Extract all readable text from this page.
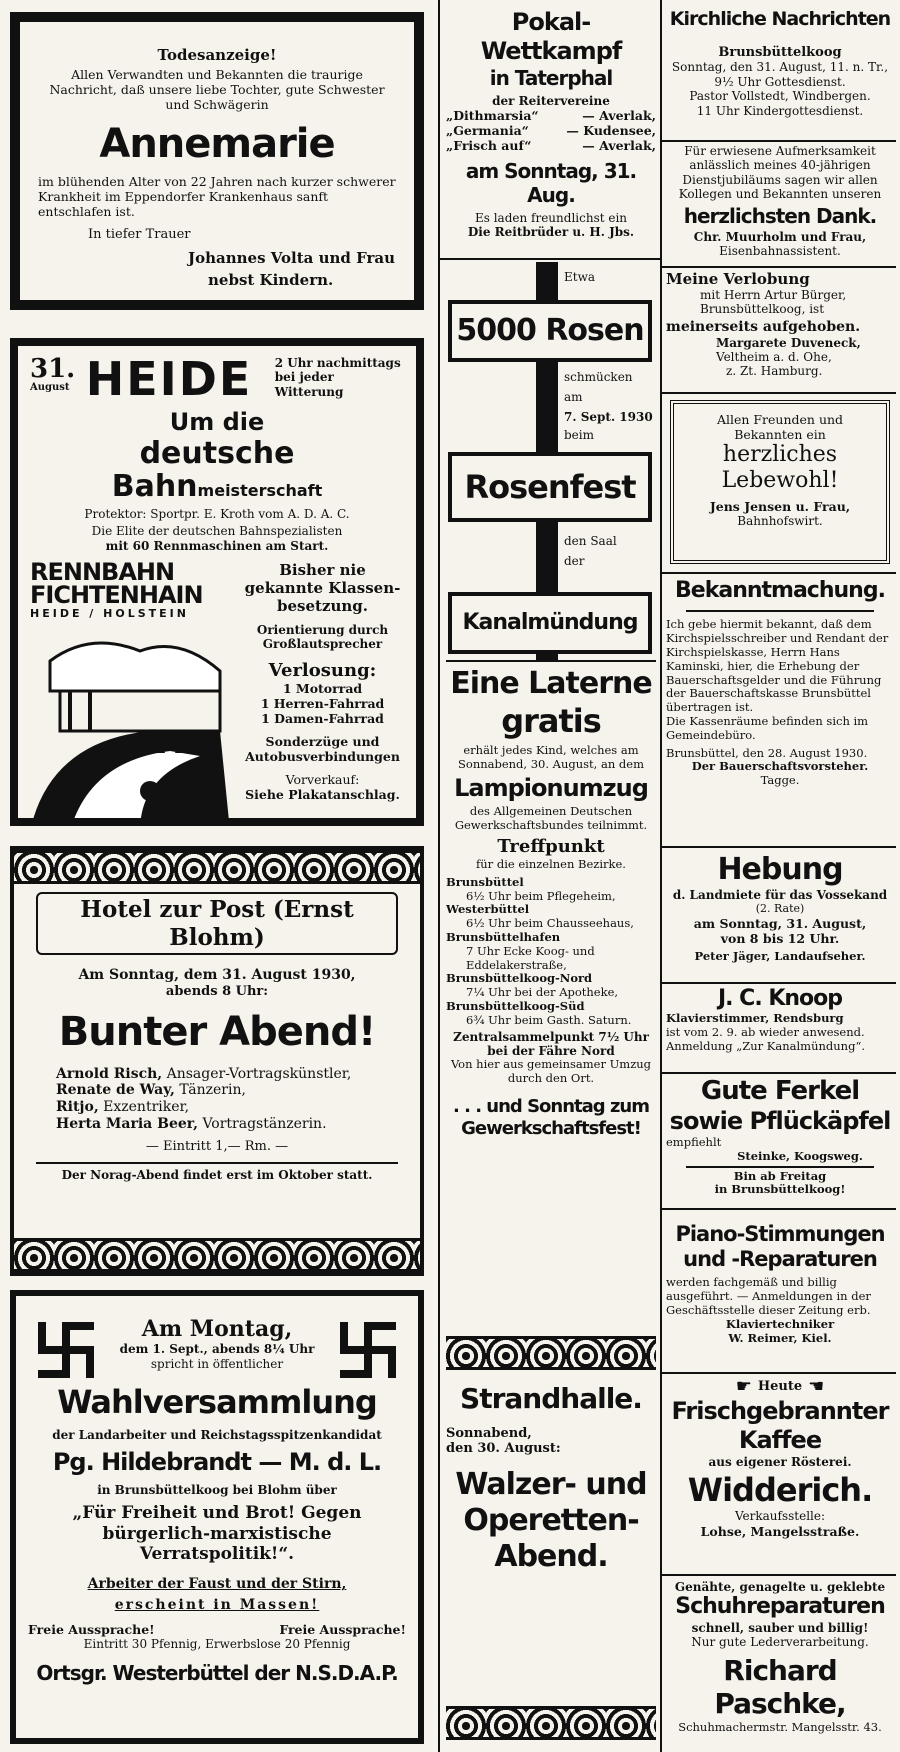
Todesanzeige!

Allen Verwandten und Bekannten die traurige Nachricht, daß unsere liebe Tochter, gute Schwester und Schwägerin

Annemarie

im blühenden Alter von 22 Jahren nach kurzer schwerer Krankheit im Eppendorfer Krankenhaus sanft entschlafen ist.

In tiefer Trauer

Johannes Volta und Frau

nebst Kindern.

31.

August HEIDE	2 Uhr nachmittags bei jeder Witterung

Um die

deutsche Bahnmeisterschaft

Protektor: Sportpr. E. Kroth vom A. D. A. C.

Die Elite der deutschen Bahnspezialisten

mit 60 Rennmaschinen am Start.

RENNBAHN

FICHTENHAIN

HEIDE / HOLSTEIN

Bisher nie gekannte Klassen-besetzung.

Orientierung durch Großlautsprecher

Verlosung:

1 Motorrad

1 Herren-Fahrrad

1 Damen-Fahrrad

Sonderzüge und Autobusverbindungen

Vorverkauf:

Siehe Plakatanschlag.

Hotel zur Post (Ernst Blohm)

Am Sonntag, dem 31. August 1930,

abends 8 Uhr:

Bunter Abend!

Arnold Risch, Ansager-Vortragskünstler,

Renate de Way, Tänzerin,

Ritjo, Exzentriker,

Herta Maria Beer, Vortragstänzerin.

— Eintritt 1,— Rm. —

Der Norag-Abend findet erst im Oktober statt.

Am Montag,

dem 1. Sept., abends 8¼ Uhr

spricht in öffentlicher

Wahlversammlung

der Landarbeiter und Reichstagsspitzenkandidat

Pg. Hildebrandt — M. d. L.

in Brunsbüttelkoog bei Blohm über

„Für Freiheit und Brot! Gegen bürgerlich-marxistische Verratspolitik!“.

Arbeiter der Faust und der Stirn,

erscheint in Massen!

Freie Aussprache!	Freie Aussprache!

Eintritt 30 Pfennig, Erwerbslose 20 Pfennig

Ortsgr. Westerbüttel der N.S.D.A.P.

Pokal-Wettkampf

in Taterphal

der Reitervereine

„Dithmarsia“	— Averlak,

„Germania“	— Kudensee,

„Frisch auf“	— Averlak,

am Sonntag, 31. Aug.

Es laden freundlichst ein

Die Reitbrüder u. H. Jbs.

Etwa

5000 Rosen

schmücken

am

7. Sept. 1930

beim

Rosenfest

den Saal

der

Kanalmündung

Eine Laterne

gratis

erhält jedes Kind, welches am Sonnabend, 30. August, an dem

Lampionumzug

des Allgemeinen Deutschen Gewerkschaftsbundes teilnimmt.

Treffpunkt

für die einzelnen Bezirke.

Brunsbüttel

6½ Uhr beim Pflegeheim,

Westerbüttel

6½ Uhr beim Chausseehaus,

Brunsbüttelhafen

7 Uhr Ecke Koog- und Eddelakerstraße,

Brunsbüttelkoog-Nord

7¼ Uhr bei der Apotheke,

Brunsbüttelkoog-Süd

6¾ Uhr beim Gasth. Saturn.

Zentralsammelpunkt 7½ Uhr bei der Fähre Nord

Von hier aus gemeinsamer Umzug durch den Ort.

. . . und Sonntag zum Gewerkschaftsfest!

Strandhalle.

Sonnabend,

den 30. August:

Walzer- und Operetten-Abend.

Kirchliche Nachrichten

Brunsbüttelkoog

Sonntag, den 31. August, 11. n. Tr., 9½ Uhr Gottesdienst.

Pastor Vollstedt, Windbergen.

11 Uhr Kindergottesdienst.

Für erwiesene Aufmerksamkeit anlässlich meines 40-jährigen Dienstjubiläums sagen wir allen Kollegen und Bekannten unseren

herzlichsten Dank.

Chr. Muurholm und Frau,

Eisenbahnassistent.

Meine Verlobung

mit Herrn Artur Bürger, Brunsbüttelkoog, ist

meinerseits aufgehoben.

Margarete Duveneck,

Veltheim a. d. Ohe,

z. Zt. Hamburg.

Allen Freunden und Bekannten ein

herzliches

Lebewohl!

Jens Jensen u. Frau,

Bahnhofswirt.

Bekanntmachung.

Ich gebe hiermit bekannt, daß dem Kirchspielsschreiber und Rendant der Kirchspielskasse, Herrn Hans Kaminski, hier, die Erhebung der Bauerschaftsgelder und die Führung der Bauerschaftskasse Brunsbüttel übertragen ist.

Die Kassenräume befinden sich im Gemeindebüro.

Brunsbüttel, den 28. August 1930.

Der Bauerschaftsvorsteher.

Tagge.

Hebung

d. Landmiete für das Vossekand

(2. Rate)

am Sonntag, 31. August,

von 8 bis 12 Uhr.

Peter Jäger, Landaufseher.

J. C. Knoop

Klavierstimmer, Rendsburg

ist vom 2. 9. ab wieder anwesend.

Anmeldung „Zur Kanalmündung“.

Gute Ferkel

sowie Pflückäpfel

empfiehlt

Steinke, Koogsweg.

Bin ab Freitag

in Brunsbüttelkoog!

Piano-Stimmungen

und -Reparaturen

werden fachgemäß und billig ausgeführt. — Anmeldungen in der Geschäftsstelle dieser Zeitung erb.

Klaviertechniker

W. Reimer, Kiel.

☛ Heute ☚

Frischgebrannter

Kaffee

aus eigener Rösterei.

Widderich.

Verkaufsstelle:

Lohse, Mangelsstraße.

Genähte, genagelte u. geklebte

Schuhreparaturen

schnell, sauber und billig!

Nur gute Lederverarbeitung.

Richard Paschke,

Schuhmachermstr. Mangelsstr. 43.
